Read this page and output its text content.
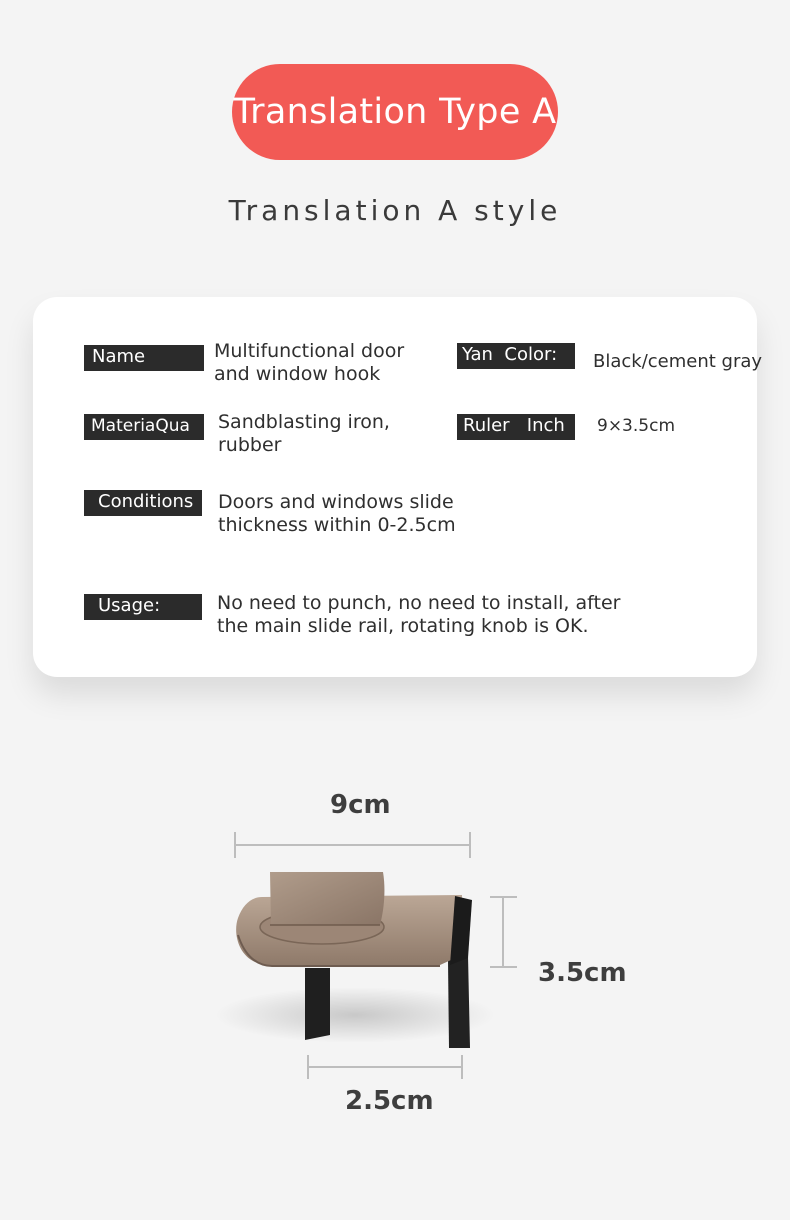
Translation Type A
Translation A style
Name	Multifunctional door and window hook
Yan Color:	Black/cement gray
MateriaQua	Sandblasting iron, rubber
Ruler Inch	9×3.5cm
Conditions	Doors and windows slide thickness within 0-2.5cm
Usage:	No need to punch, no need to install, after the main slide rail, rotating knob is OK.
9cm
3.5cm
2.5cm
